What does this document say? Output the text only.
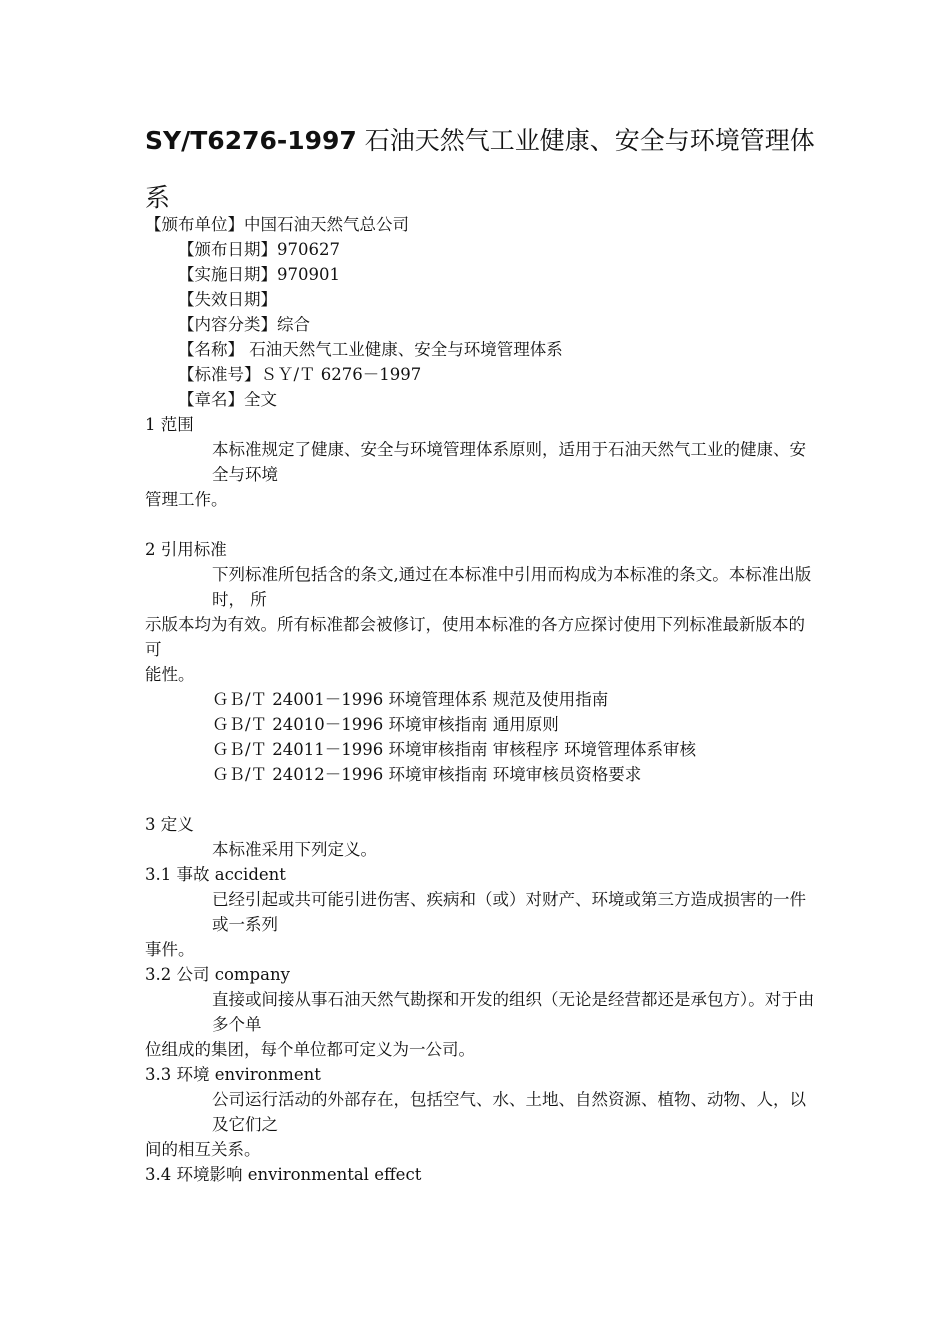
SY/T6276-1997 石油天然气工业健康、安全与环境管理体系
【颁布单位】中国石油天然气总公司
【颁布日期】970627
【实施日期】970901
【失效日期】
【内容分类】综合
【名称】 石油天然气工业健康、安全与环境管理体系
【标准号】ＳＹ/Ｔ 6276－1997
【章名】全文
1 范围
本标准规定了健康、安全与环境管理体系原则，适用于石油天然气工业的健康、安全与环境
管理工作。
2 引用标准
下列标准所包括含的条文,通过在本标准中引用而构成为本标准的条文。本标准出版时， 所
示版本均为有效。所有标准都会被修订，使用本标准的各方应探讨使用下列标准最新版本的可
能性。
ＧＢ/Ｔ 24001－1996 环境管理体系 规范及使用指南
ＧＢ/Ｔ 24010－1996 环境审核指南 通用原则
ＧＢ/Ｔ 24011－1996 环境审核指南 审核程序 环境管理体系审核
ＧＢ/Ｔ 24012－1996 环境审核指南 环境审核员资格要求
3 定义
本标准采用下列定义。
3.1 事故 accident
已经引起或共可能引进伤害、疾病和（或）对财产、环境或第三方造成损害的一件或一系列
事件。
3.2 公司 company
直接或间接从事石油天然气勘探和开发的组织（无论是经营都还是承包方）。对于由多个单
位组成的集团，每个单位都可定义为一公司。
3.3 环境 environment
公司运行活动的外部存在，包括空气、水、土地、自然资源、植物、动物、人，以及它们之
间的相互关系。
3.4 环境影响 environmental effect
